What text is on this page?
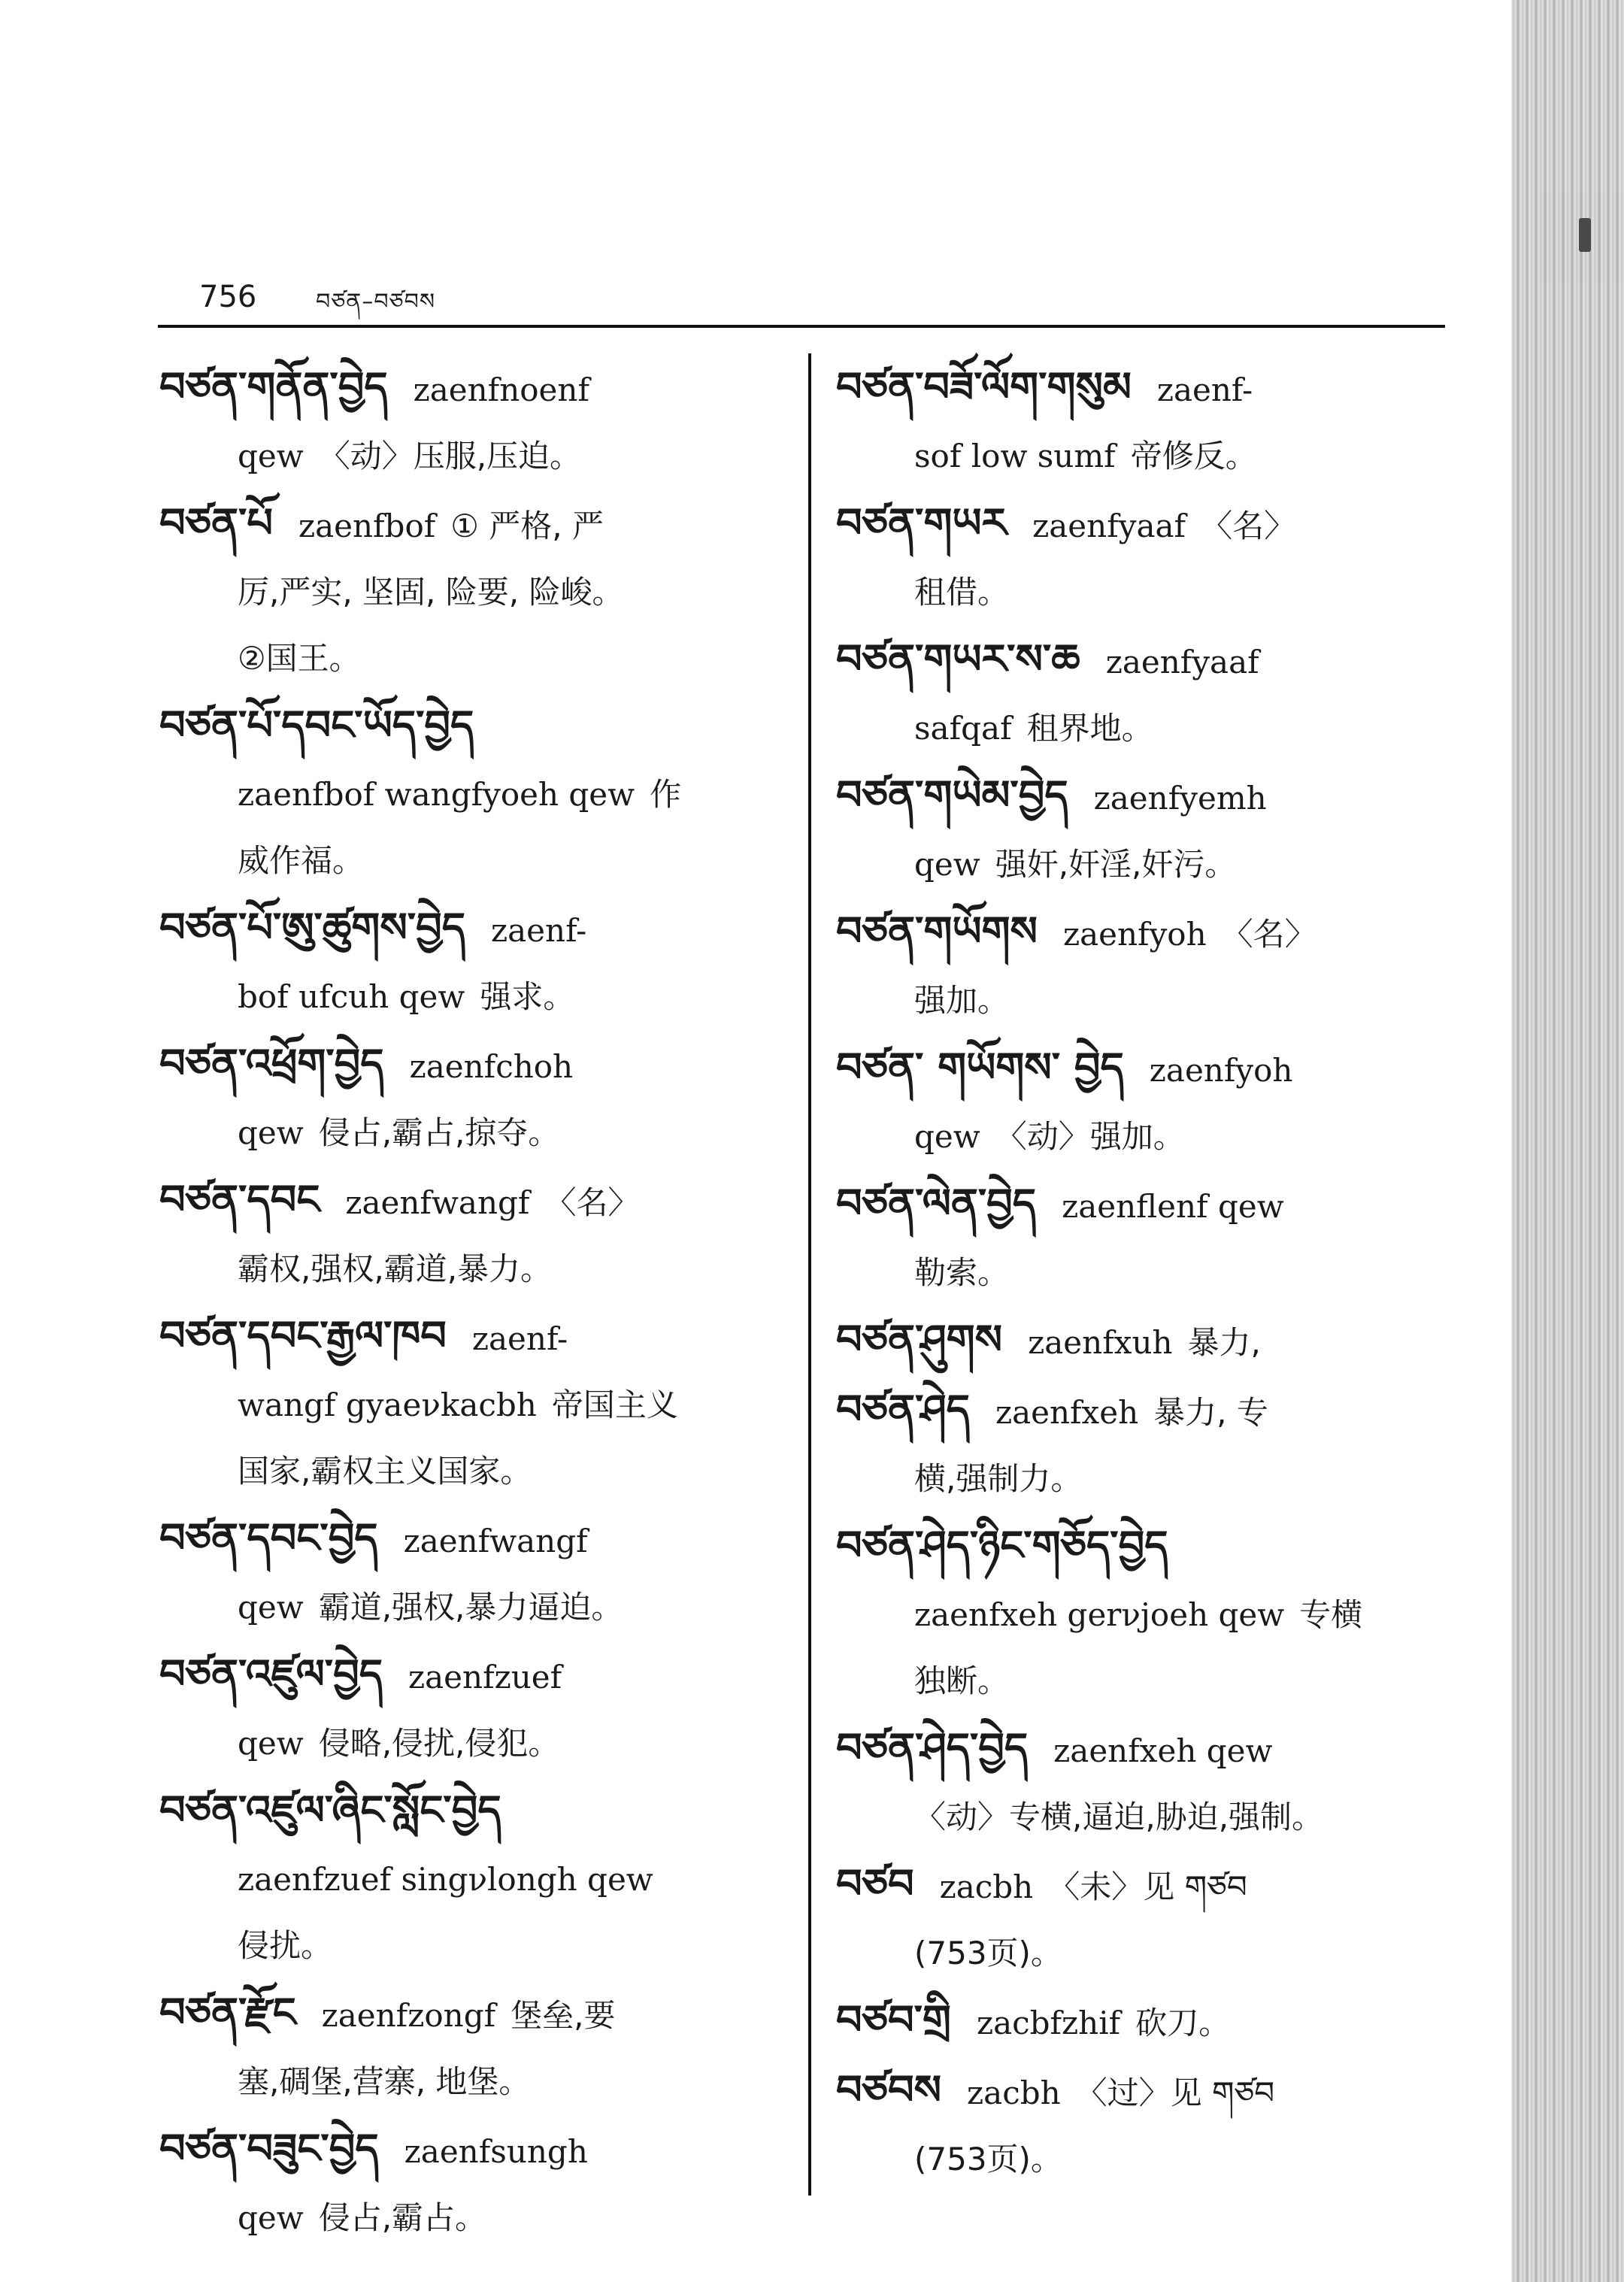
756	བཙན–བཙབས
བཙན་གནོན་བྱེད zaenfnoenf
qew 〈动〉压服,压迫。
བཙན་པོ zaenfbof ① 严格, 严
厉,严实, 坚固, 险要, 险峻。
②国王。
བཙན་པོ་དབང་ཡོད་བྱེད
zaenfbof wangfyoeh qew 作
威作福。
བཙན་པོ་ཨུ་ཚུགས་བྱེད zaenf-
bof ufcuh qew 强求。
བཙན་འཕྲོག་བྱེད zaenfchoh
qew 侵占,霸占,掠夺。
བཙན་དབང zaenfwangf 〈名〉
霸权,强权,霸道,暴力。
བཙན་དབང་རྒྱལ་ཁབ zaenf-
wangf gyaeνkacbh 帝国主义
国家,霸权主义国家。
བཙན་དབང་བྱེད zaenfwangf
qew 霸道,强权,暴力逼迫。
བཙན་འཛུལ་བྱེད zaenfzuef
qew 侵略,侵扰,侵犯。
བཙན་འཛུལ་ཞིང་སློང་བྱེད
zaenfzuef singνlongh qew
侵扰。
བཙན་རྫོང zaenfzongf 堡垒,要
塞,碉堡,营寨, 地堡。
བཙན་བཟུང་བྱེད zaenfsungh
qew 侵占,霸占。
བཙན་བཟོ་ལོག་གསུམ zaenf-
sof low sumf 帝修反。
བཙན་གཡར zaenfyaaf 〈名〉
租借。
བཙན་གཡར་ས་ཆ zaenfyaaf
safqaf 租界地。
བཙན་གཡེམ་བྱེད zaenfyemh
qew 强奸,奸淫,奸污。
བཙན་གཡོགས zaenfyoh 〈名〉
强加。
བཙན་ གཡོགས་ བྱེད zaenfyoh
qew 〈动〉强加。
བཙན་ལེན་བྱེད zaenflenf qew
勒索。
བཙན་ཤུགས zaenfxuh 暴力,
བཙན་ཤེད zaenfxeh 暴力, 专
横,强制力。
བཙན་ཤེད་ཉིང་གཅོད་བྱེད
zaenfxeh gerνjoeh qew 专横
独断。
བཙན་ཤེད་བྱེད zaenfxeh qew
〈动〉专横,逼迫,胁迫,强制。
བཙབ zacbh 〈未〉见 གཙབ
(753页)。
བཙབ་གྲི zacbfzhif 砍刀。
བཙབས zacbh 〈过〉见 གཙབ
(753页)。
